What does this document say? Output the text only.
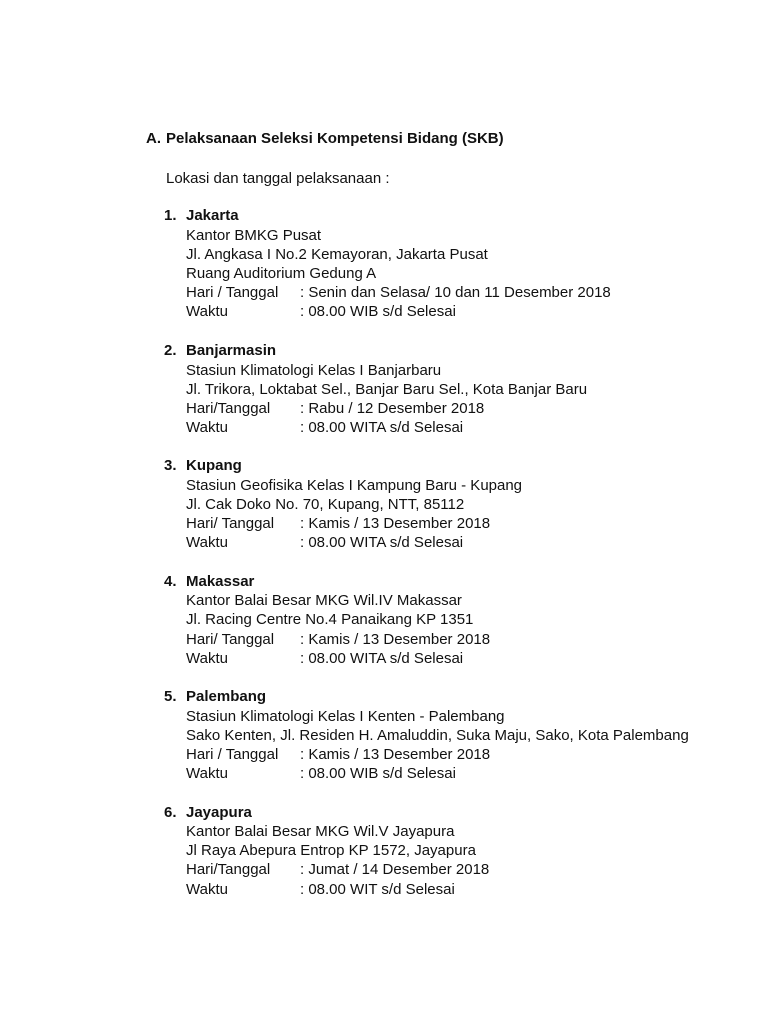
A. Pelaksanaan Seleksi Kompetensi Bidang (SKB)
Lokasi dan tanggal pelaksanaan :
1. Jakarta
Kantor BMKG Pusat
Jl. Angkasa I No.2 Kemayoran, Jakarta Pusat
Ruang Auditorium Gedung A
Hari / Tanggal	: Senin dan Selasa/ 10 dan 11 Desember 2018
Waktu	: 08.00 WIB s/d Selesai
2. Banjarmasin
Stasiun Klimatologi Kelas I Banjarbaru
Jl. Trikora, Loktabat Sel., Banjar Baru Sel., Kota Banjar Baru
Hari/Tanggal	: Rabu / 12 Desember 2018
Waktu	: 08.00 WITA s/d Selesai
3. Kupang
Stasiun Geofisika Kelas I Kampung Baru - Kupang
Jl. Cak Doko No. 70, Kupang, NTT, 85112
Hari/ Tanggal	: Kamis / 13 Desember 2018
Waktu	: 08.00 WITA s/d Selesai
4. Makassar
Kantor Balai Besar MKG Wil.IV Makassar
Jl. Racing Centre No.4 Panaikang KP 1351
Hari/ Tanggal	: Kamis / 13 Desember 2018
Waktu	: 08.00 WITA s/d Selesai
5. Palembang
Stasiun Klimatologi Kelas I Kenten - Palembang
Sako Kenten, Jl. Residen H. Amaluddin, Suka Maju, Sako, Kota Palembang
Hari / Tanggal	: Kamis / 13 Desember 2018
Waktu	: 08.00 WIB s/d Selesai
6. Jayapura
Kantor Balai Besar MKG Wil.V Jayapura
Jl Raya Abepura Entrop KP 1572, Jayapura
Hari/Tanggal	: Jumat / 14 Desember 2018
Waktu	: 08.00 WIT s/d Selesai
